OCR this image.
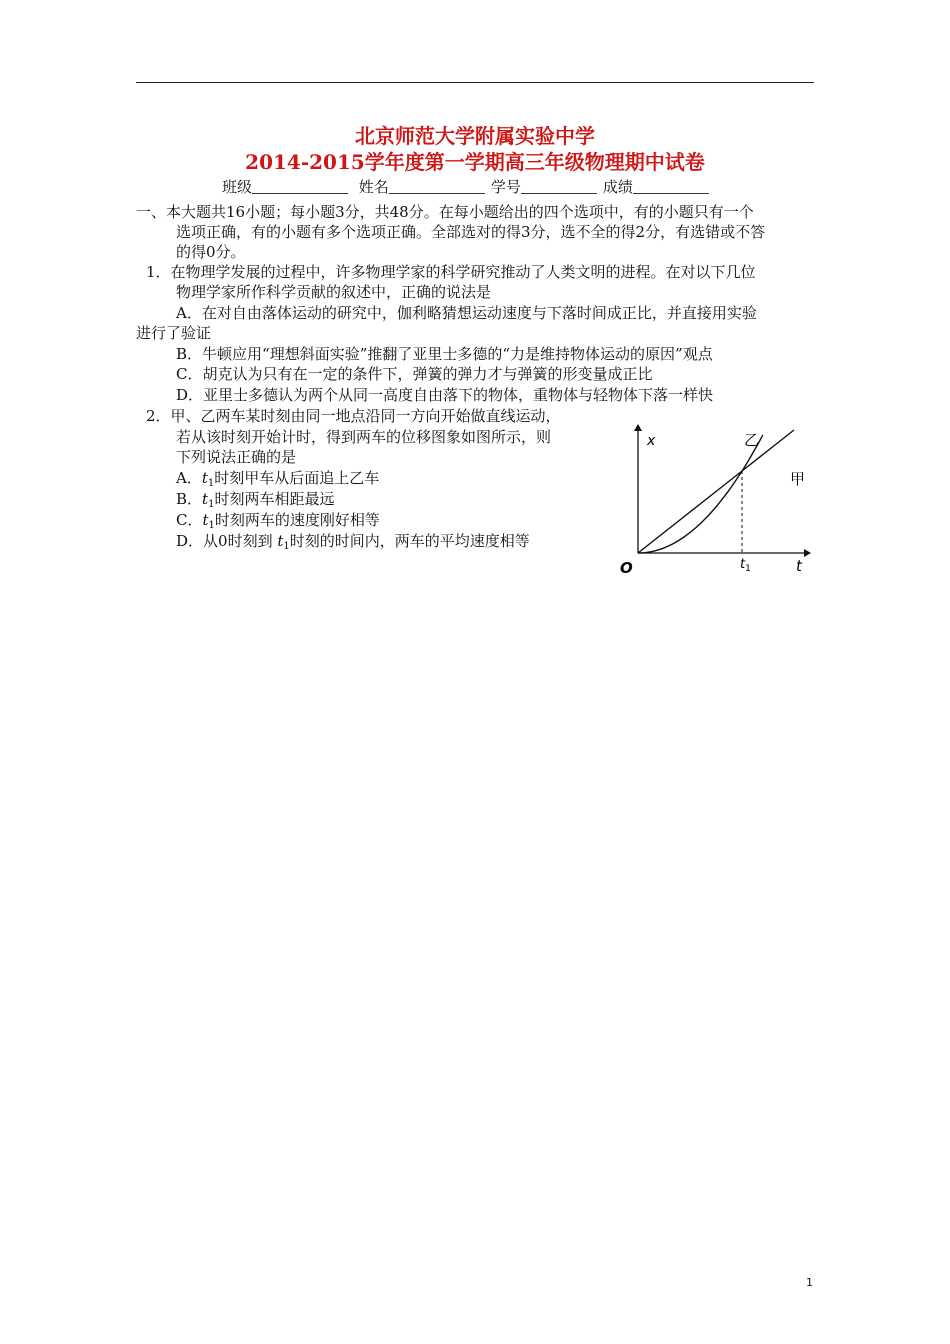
北京师范大学附属实验中学
2014-2015学年度第一学期高三年级物理期中试卷
班级	姓名	学号	成绩
一、本大题共16小题；每小题3分，共48分。在每小题给出的四个选项中，有的小题只有一个
选项正确，有的小题有多个选项正确。全部选对的得3分，选不全的得2分，有选错或不答
的得0分。
1．在物理学发展的过程中，许多物理学家的科学研究推动了人类文明的进程。在对以下几位
物理学家所作科学贡献的叙述中，正确的说法是
A．在对自由落体运动的研究中，伽利略猜想运动速度与下落时间成正比，并直接用实验
进行了验证
B．牛顿应用“理想斜面实验”推翻了亚里士多德的“力是维持物体运动的原因”观点
C．胡克认为只有在一定的条件下，弹簧的弹力才与弹簧的形变量成正比
D．亚里士多德认为两个从同一高度自由落下的物体，重物体与轻物体下落一样快
2．甲、乙两车某时刻由同一地点沿同一方向开始做直线运动，
若从该时刻开始计时，得到两车的位移图象如图所示，则
下列说法正确的是
A．$t_1$时刻甲车从后面追上乙车
B．$t_1$时刻两车相距最远
C．$t_1$时刻两车的速度刚好相等
D．从0时刻到 $t_1$时刻的时间内，两车的平均速度相等
x
t
O	$t_1$
乙
甲
1
